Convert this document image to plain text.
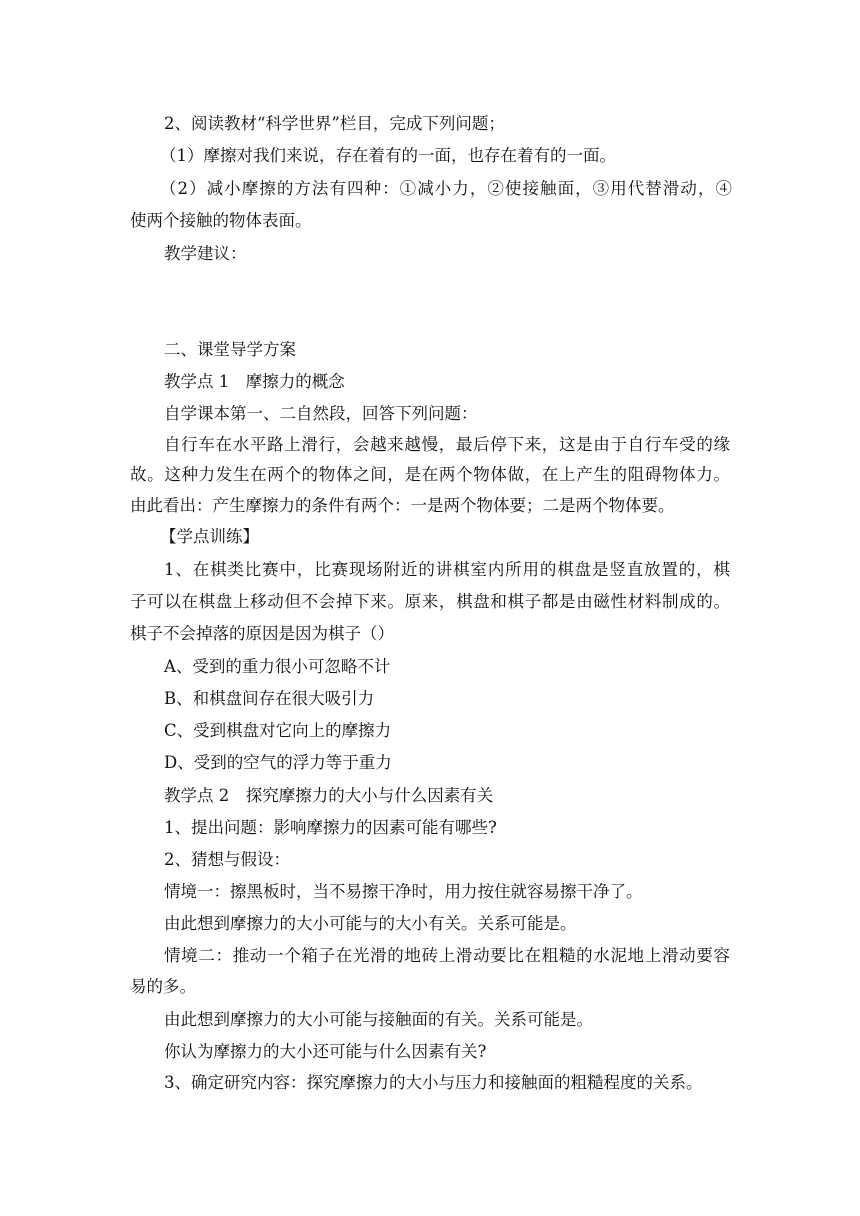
2、阅读教材“科学世界”栏目，完成下列问题；
（1）摩擦对我们来说，存在着有的一面，也存在着有的一面。
（2）减小摩擦的方法有四种：①减小力，②使接触面，③用代替滑动，④
使两个接触的物体表面。
教学建议：
二、课堂导学方案
教学点 1　摩擦力的概念
自学课本第一、二自然段，回答下列问题：
自行车在水平路上滑行，会越来越慢，最后停下来，这是由于自行车受的缘
故。这种力发生在两个的物体之间，是在两个物体做，在上产生的阻碍物体力。
由此看出：产生摩擦力的条件有两个：一是两个物体要；二是两个物体要。
【学点训练】
1、在棋类比赛中，比赛现场附近的讲棋室内所用的棋盘是竖直放置的，棋
子可以在棋盘上移动但不会掉下来。原来，棋盘和棋子都是由磁性材料制成的。
棋子不会掉落的原因是因为棋子（）
A、受到的重力很小可忽略不计
B、和棋盘间存在很大吸引力
C、受到棋盘对它向上的摩擦力
D、受到的空气的浮力等于重力
教学点 2　探究摩擦力的大小与什么因素有关
1、提出问题：影响摩擦力的因素可能有哪些?
2、猜想与假设：
情境一：擦黑板时，当不易擦干净时，用力按住就容易擦干净了。
由此想到摩擦力的大小可能与的大小有关。关系可能是。
情境二：推动一个箱子在光滑的地砖上滑动要比在粗糙的水泥地上滑动要容
易的多。
由此想到摩擦力的大小可能与接触面的有关。关系可能是。
你认为摩擦力的大小还可能与什么因素有关?
3、确定研究内容：探究摩擦力的大小与压力和接触面的粗糙程度的关系。
